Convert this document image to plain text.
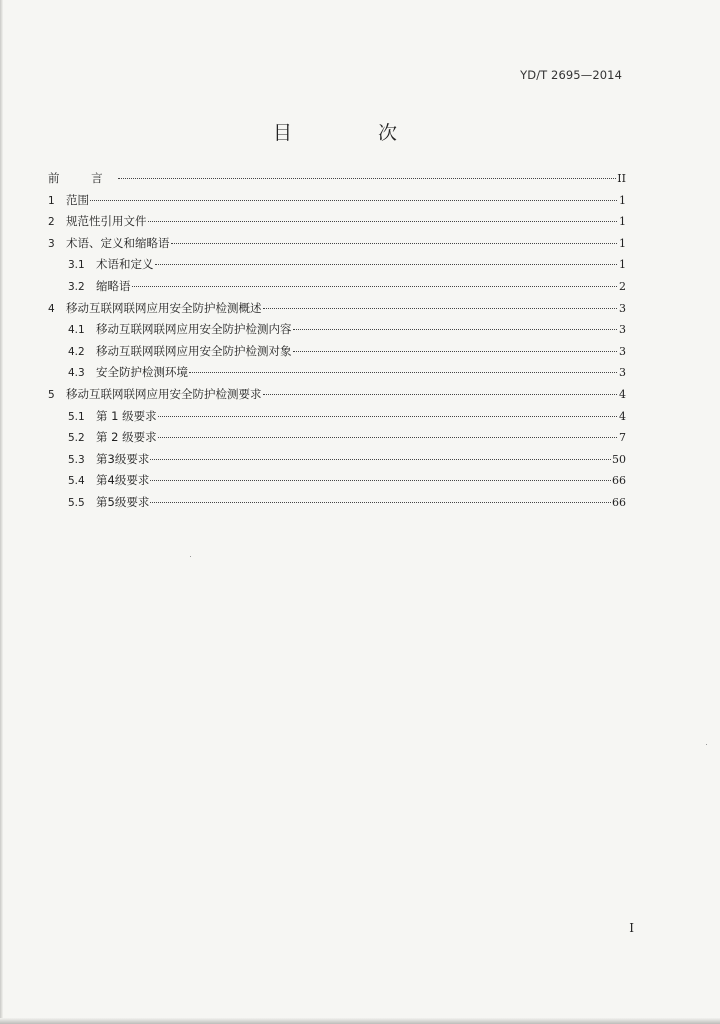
YD/T 2695—2014
目 次
前 言	II
1 范围	1
2 规范性引用文件	1
3 术语、定义和缩略语	1
3.1 术语和定义	1
3.2 缩略语	2
4 移动互联网联网应用安全防护检测概述	3
4.1 移动互联网联网应用安全防护检测内容	3
4.2 移动互联网联网应用安全防护检测对象	3
4.3 安全防护检测环境	3
5 移动互联网联网应用安全防护检测要求	4
5.1 第 1 级要求	4
5.2 第 2 级要求	7
5.3 第3级要求	50
5.4 第4级要求	66
5.5 第5级要求	66
I
